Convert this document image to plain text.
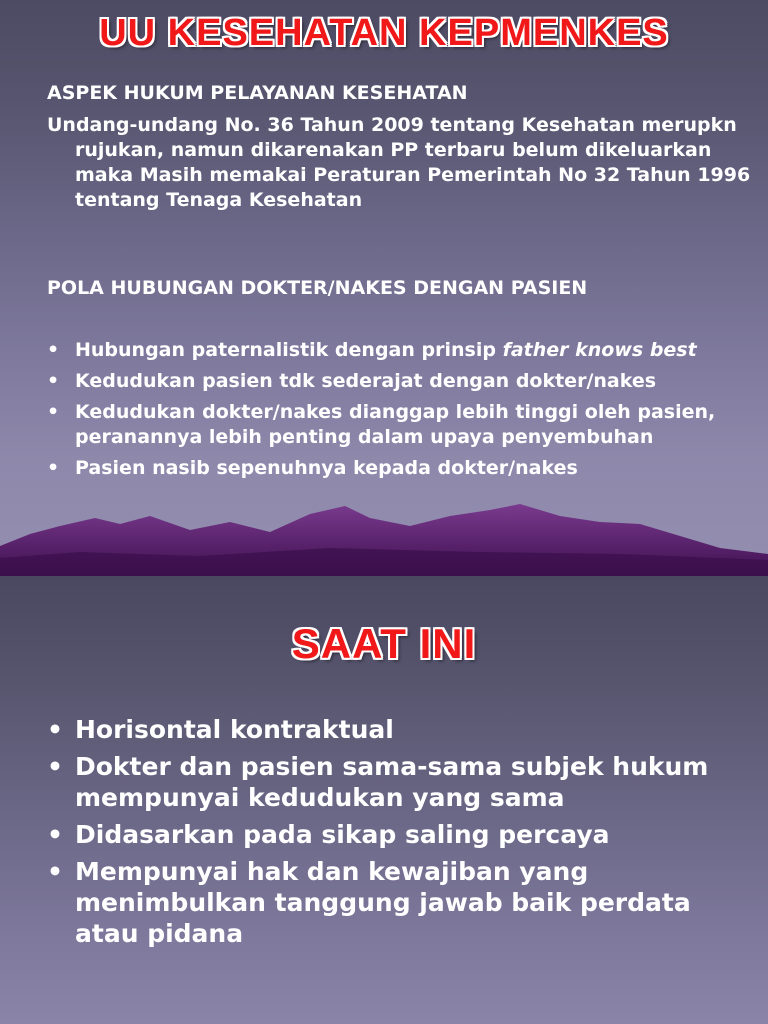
UU KESEHATAN KEPMENKES
ASPEK HUKUM PELAYANAN KESEHATAN
Undang-undang No. 36 Tahun 2009 tentang Kesehatan merupkn rujukan, namun dikarenakan PP terbaru belum dikeluarkan maka Masih memakai Peraturan Pemerintah No 32 Tahun 1996 tentang Tenaga Kesehatan
POLA HUBUNGAN DOKTER/NAKES DENGAN PASIEN
• Hubungan paternalistik dengan prinsip father knows best
• Kedudukan pasien tdk sederajat dengan dokter/nakes
• Kedudukan dokter/nakes dianggap lebih tinggi oleh pasien, peranannya lebih penting dalam upaya penyembuhan
• Pasien nasib sepenuhnya kepada dokter/nakes
SAAT INI
• Horisontal kontraktual
• Dokter dan pasien sama-sama subjek hukum mempunyai kedudukan yang sama
• Didasarkan pada sikap saling percaya
• Mempunyai hak dan kewajiban yang menimbulkan tanggung jawab baik perdata atau pidana
